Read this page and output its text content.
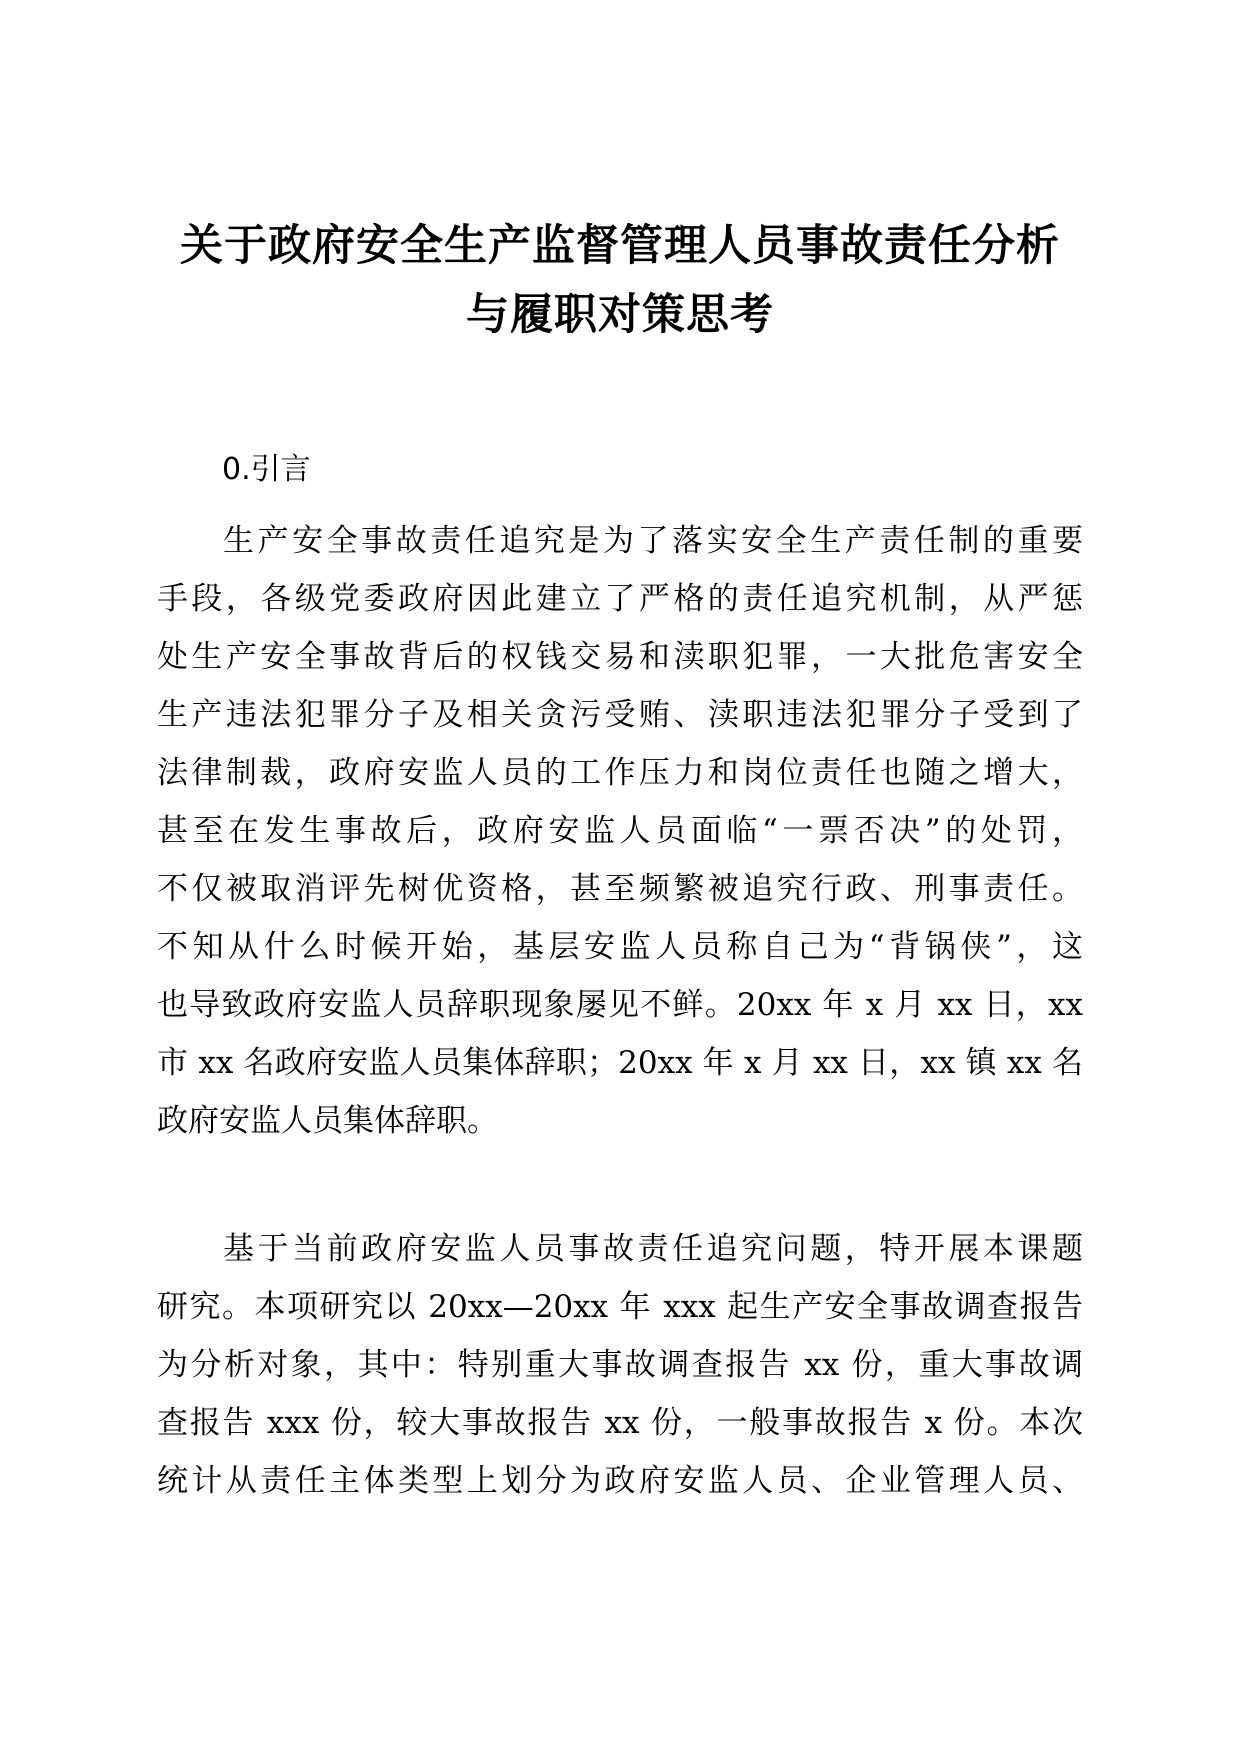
关于政府安全生产监督管理人员事故责任分析
与履职对策思考
0.引言
生产安全事故责任追究是为了落实安全生产责任制的重要
手段，各级党委政府因此建立了严格的责任追究机制，从严惩
处生产安全事故背后的权钱交易和渎职犯罪，一大批危害安全
生产违法犯罪分子及相关贪污受贿、渎职违法犯罪分子受到了
法律制裁，政府安监人员的工作压力和岗位责任也随之增大，
甚至在发生事故后，政府安监人员面临“一票否决”的处罚，
不仅被取消评先树优资格，甚至频繁被追究行政、刑事责任。
不知从什么时候开始，基层安监人员称自己为“背锅侠”，这
也导致政府安监人员辞职现象屡见不鲜。20xx 年 x 月 xx 日，xx
市 xx 名政府安监人员集体辞职；20xx 年 x 月 xx 日，xx 镇 xx 名
政府安监人员集体辞职。
基于当前政府安监人员事故责任追究问题，特开展本课题
研究。本项研究以 20xx—20xx 年 xxx 起生产安全事故调查报告
为分析对象，其中：特别重大事故调查报告 xx 份，重大事故调
查报告 xxx 份，较大事故报告 xx 份，一般事故报告 x 份。本次
统计从责任主体类型上划分为政府安监人员、企业管理人员、
